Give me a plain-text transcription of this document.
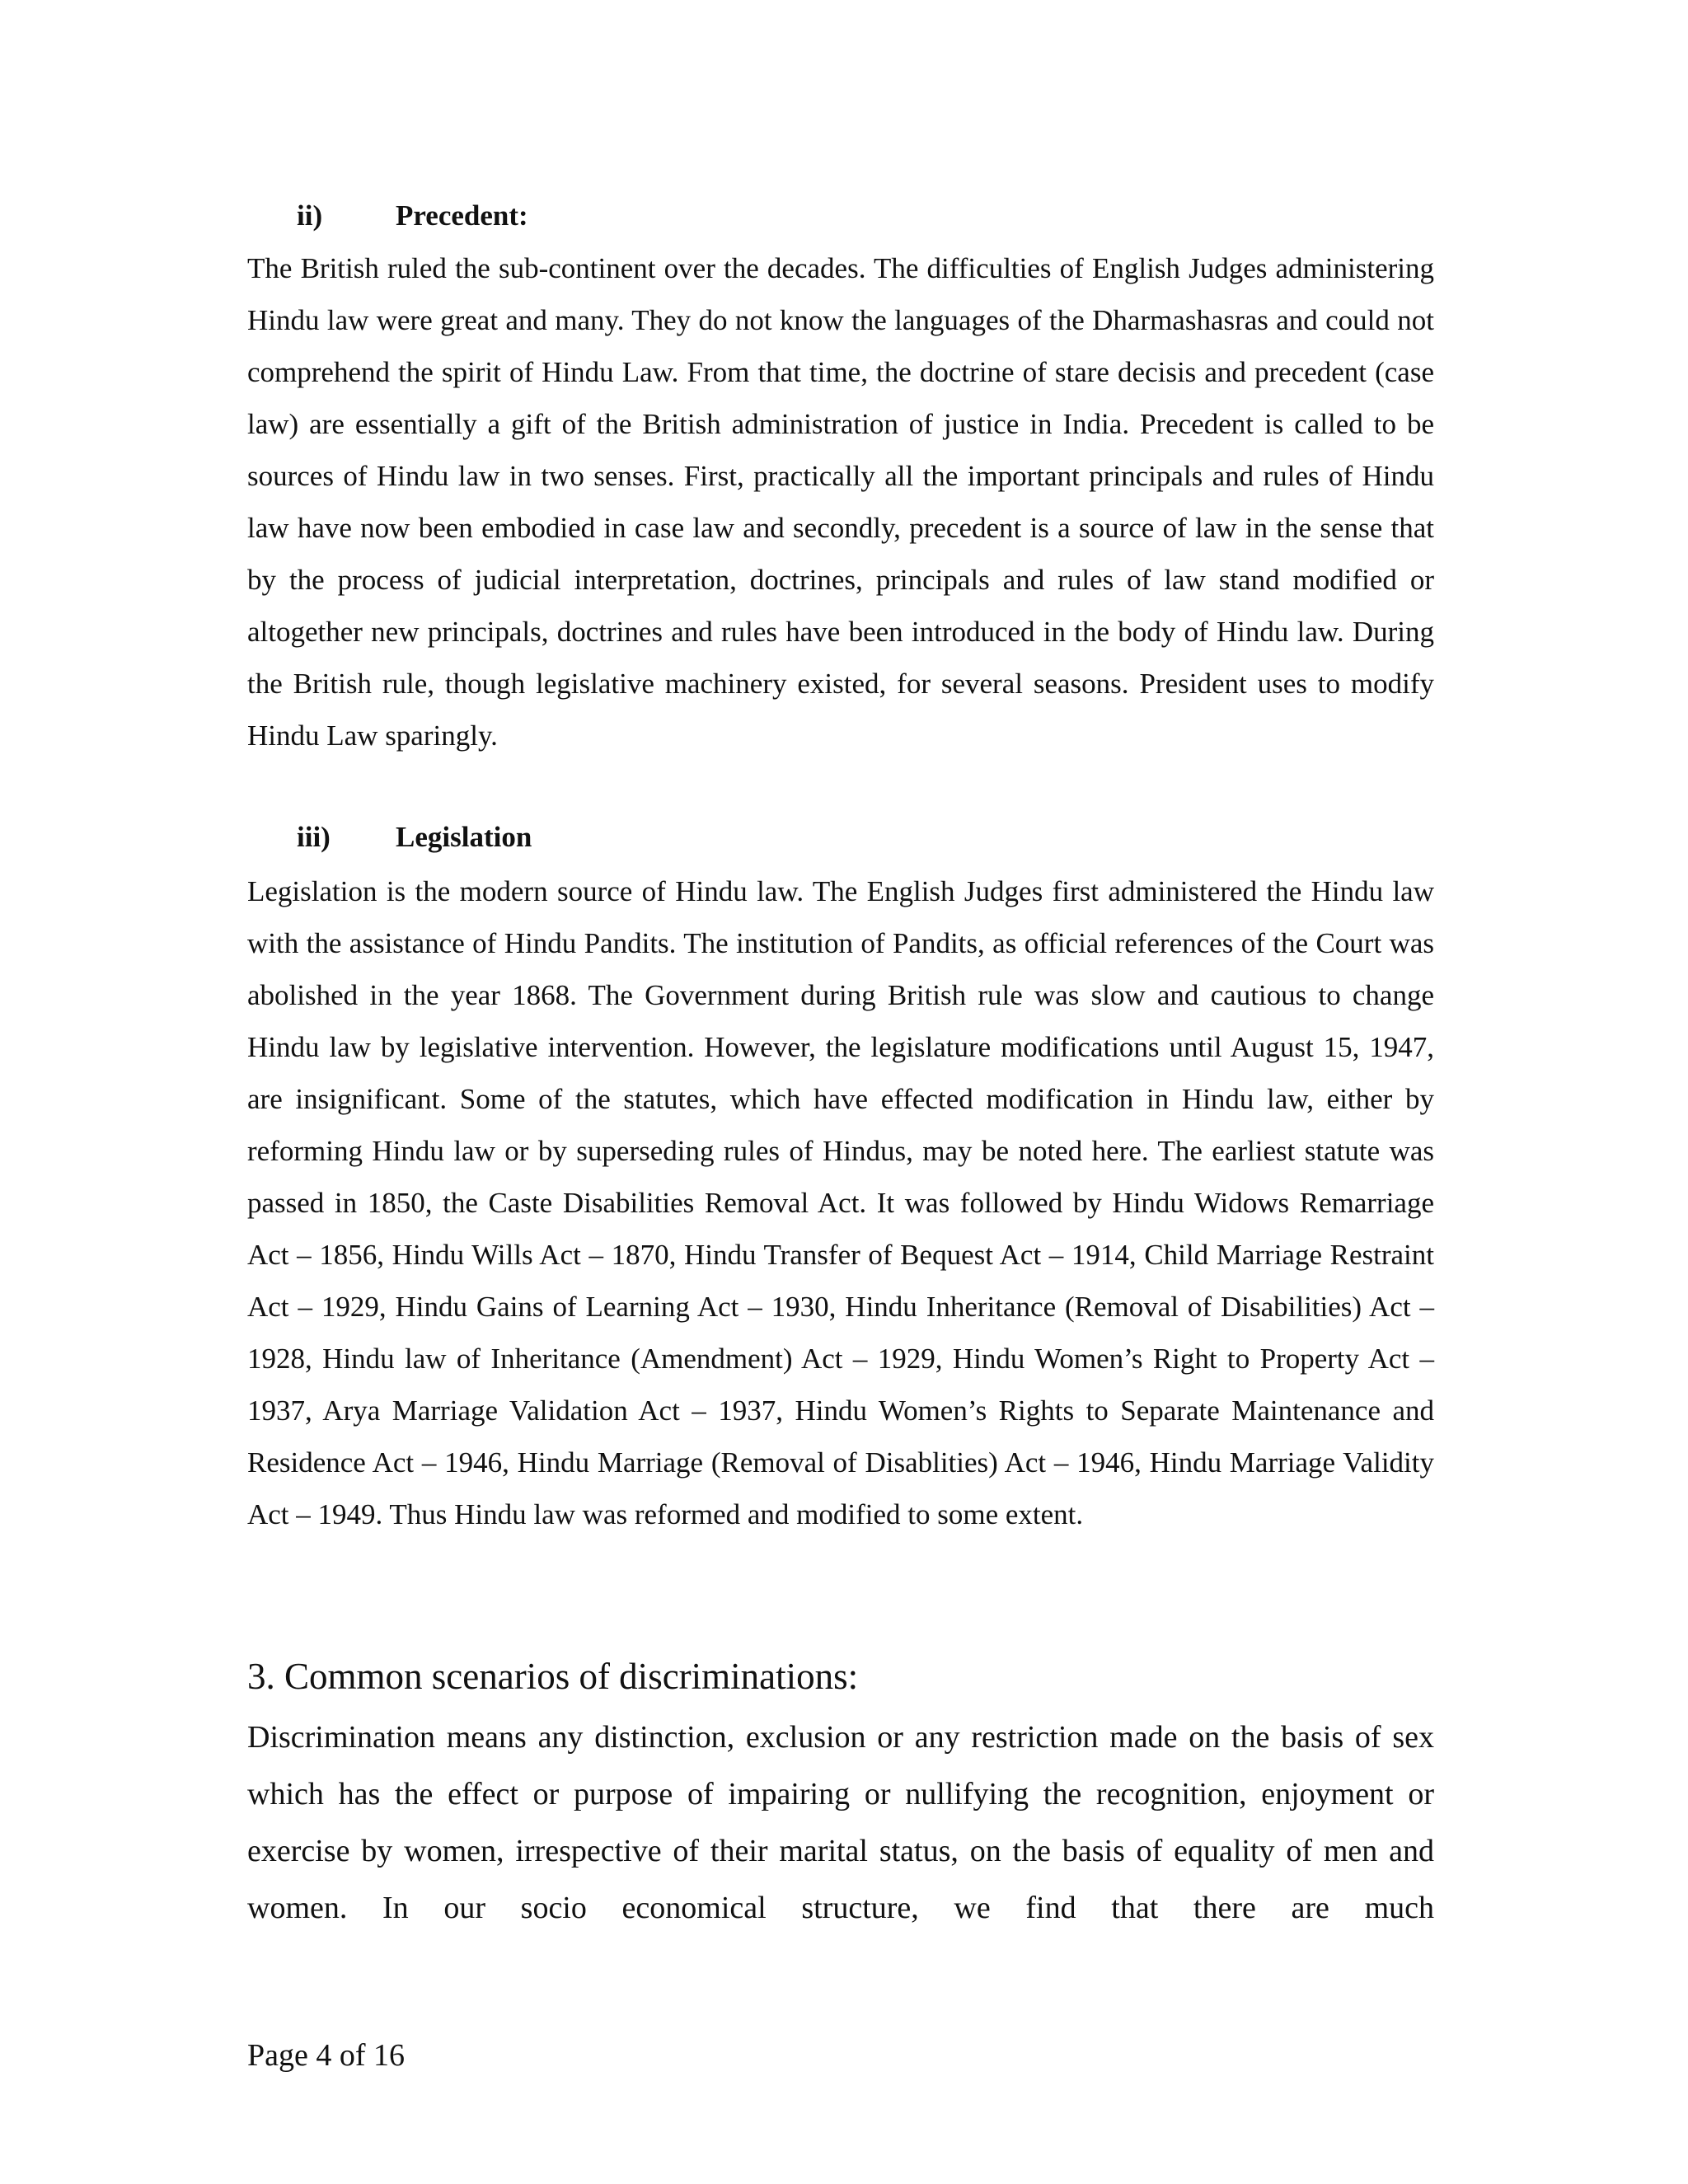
ii)	Precedent:

The British ruled the sub-continent over the decades. The difficulties of English Judges administering Hindu law were great and many. They do not know the languages of the Dharmashasras and could not comprehend the spirit of Hindu Law. From that time, the doctrine of stare decisis and precedent (case law) are essentially a gift of the British administration of justice in India. Precedent is called to be sources of Hindu law in two senses. First, practically all the important principals and rules of Hindu law have now been embodied in case law and secondly, precedent is a source of law in the sense that by the process of judicial interpretation, doctrines, principals and rules of law stand modified or altogether new principals, doctrines and rules have been introduced in the body of Hindu law. During the British rule, though legislative machinery existed, for several seasons. President uses to modify Hindu Law sparingly.

iii) Legislation

Legislation is the modern source of Hindu law. The English Judges first administered the Hindu law with the assistance of Hindu Pandits. The institution of Pandits, as official references of the Court was abolished in the year 1868. The Government during British rule was slow and cautious to change Hindu law by legislative intervention. However, the legislature modifications until August 15, 1947, are insignificant. Some of the statutes, which have effected modification in Hindu law, either by reforming Hindu law or by superseding rules of Hindus, may be noted here. The earliest statute was passed in 1850, the Caste Disabilities Removal Act. It was followed by Hindu Widows Remarriage Act – 1856, Hindu Wills Act – 1870, Hindu Transfer of Bequest Act – 1914, Child Marriage Restraint Act – 1929, Hindu Gains of Learning Act – 1930, Hindu Inheritance (Removal of Disabilities) Act – 1928, Hindu law of Inheritance (Amendment) Act – 1929, Hindu Women’s Right to Property Act – 1937, Arya Marriage Validation Act – 1937, Hindu Women’s Rights to Separate Maintenance and Residence Act – 1946, Hindu Marriage (Removal of Disablities) Act – 1946, Hindu Marriage Validity Act – 1949. Thus Hindu law was reformed and modified to some extent.

3. Common scenarios of discriminations:

Discrimination means any distinction, exclusion or any restriction made on the basis of sex which has the effect or purpose of impairing or nullifying the recognition, enjoyment or exercise by women, irrespective of their marital status, on the basis of equality of men and women. In our socio economical structure, we find that there are much

Page 4 of 16
